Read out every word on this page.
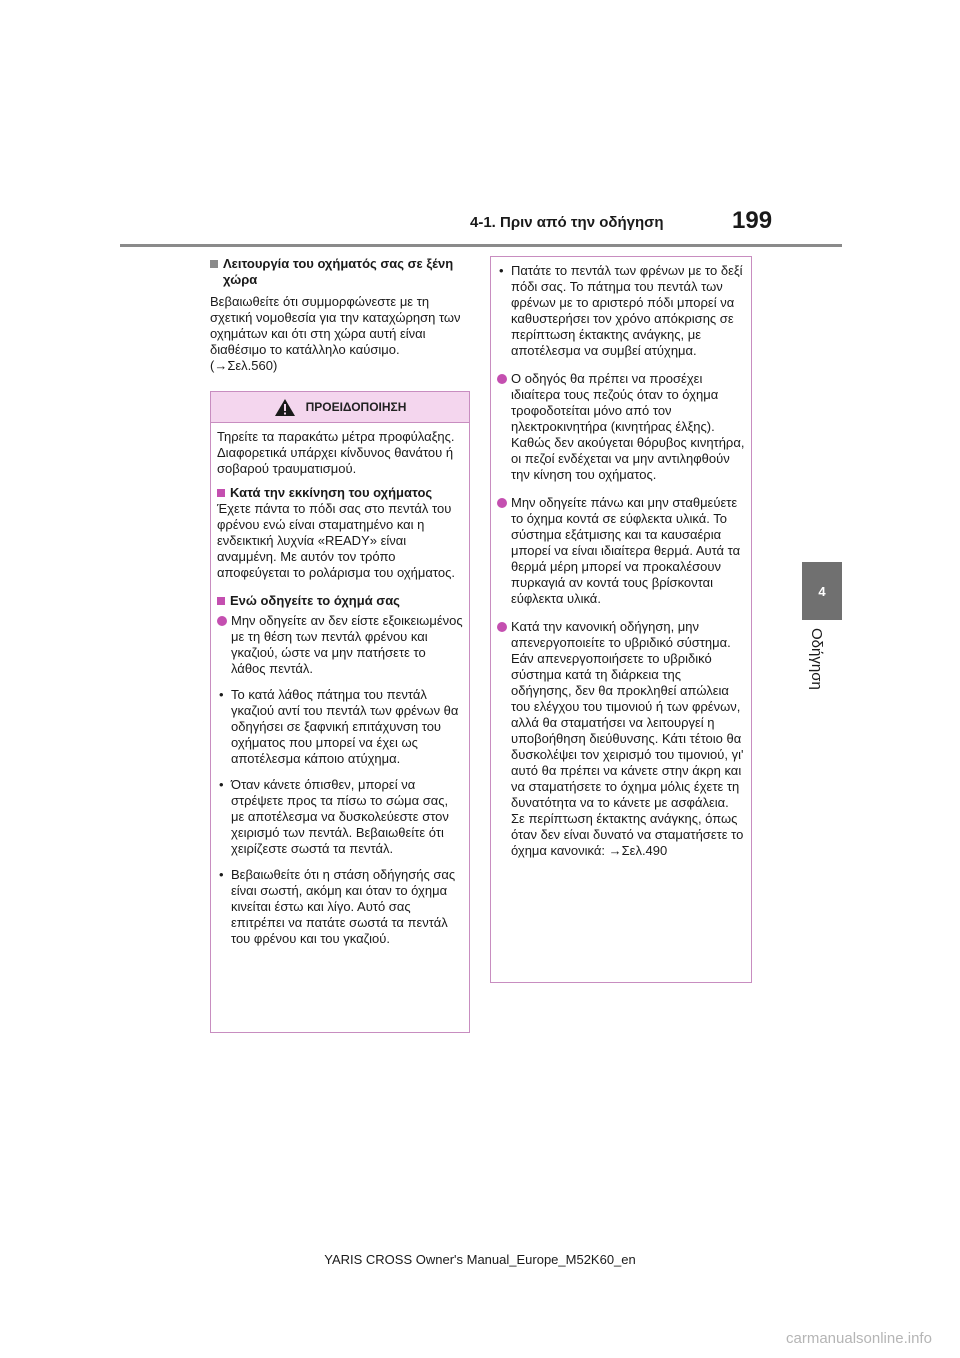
4-1. Πριν από την οδήγηση	199
4
Οδήγηση
Λειτουργία του οχήματός σας σε ξένη χώρα
Βεβαιωθείτε ότι συμμορφώνεστε με τη σχετική νομοθεσία για την καταχώρηση των οχημάτων και ότι στη χώρα αυτή είναι διαθέσιμο το κατάλληλο καύσιμο. (→Σελ.560)
ΠΡΟΕΙΔΟΠΟΙΗΣΗ
Τηρείτε τα παρακάτω μέτρα προφύλαξης. Διαφορετικά υπάρχει κίνδυνος θανάτου ή σοβαρού τραυματισμού.
Κατά την εκκίνηση του οχήματος
Έχετε πάντα το πόδι σας στο πεντάλ του φρένου ενώ είναι σταματημένο και η ενδεικτική λυχνία «READY» είναι αναμμένη. Με αυτόν τον τρόπο αποφεύγεται το ρολάρισμα του οχήματος.
Ενώ οδηγείτε το όχημά σας
Μην οδηγείτε αν δεν είστε εξοικειωμένος με τη θέση των πεντάλ φρένου και γκαζιού, ώστε να μην πατήσετε το λάθος πεντάλ.
• Το κατά λάθος πάτημα του πεντάλ γκαζιού αντί του πεντάλ των φρένων θα οδηγήσει σε ξαφνική επιτάχυνση του οχήματος που μπορεί να έχει ως αποτέλεσμα κάποιο ατύχημα.
• Όταν κάνετε όπισθεν, μπορεί να στρέψετε προς τα πίσω το σώμα σας, με αποτέλεσμα να δυσκολεύεστε στον χειρισμό των πεντάλ. Βεβαιωθείτε ότι χειρίζεστε σωστά τα πεντάλ.
• Βεβαιωθείτε ότι η στάση οδήγησής σας είναι σωστή, ακόμη και όταν το όχημα κινείται έστω και λίγο. Αυτό σας επιτρέπει να πατάτε σωστά τα πεντάλ του φρένου και του γκαζιού.
• Πατάτε το πεντάλ των φρένων με το δεξί πόδι σας. Το πάτημα του πεντάλ των φρένων με το αριστερό πόδι μπορεί να καθυστερήσει τον χρόνο απόκρισης σε περίπτωση έκτακτης ανάγκης, με αποτέλεσμα να συμβεί ατύχημα.
Ο οδηγός θα πρέπει να προσέχει ιδιαίτερα τους πεζούς όταν το όχημα τροφοδοτείται μόνο από τον ηλεκτροκινητήρα (κινητήρας έλξης). Καθώς δεν ακούγεται θόρυβος κινητήρα, οι πεζοί ενδέχεται να μην αντιληφθούν την κίνηση του οχήματος.
Μην οδηγείτε πάνω και μην σταθμεύετε το όχημα κοντά σε εύφλεκτα υλικά. Το σύστημα εξάτμισης και τα καυσαέρια μπορεί να είναι ιδιαίτερα θερμά. Αυτά τα θερμά μέρη μπορεί να προκαλέσουν πυρκαγιά αν κοντά τους βρίσκονται εύφλεκτα υλικά.
Κατά την κανονική οδήγηση, μην απενεργοποιείτε το υβριδικό σύστημα. Εάν απενεργοποιήσετε το υβριδικό σύστημα κατά τη διάρκεια της οδήγησης, δεν θα προκληθεί απώλεια του ελέγχου του τιμονιού ή των φρένων, αλλά θα σταματήσει να λειτουργεί η υποβοήθηση διεύθυνσης. Κάτι τέτοιο θα δυσκολέψει τον χειρισμό του τιμονιού, γι' αυτό θα πρέπει να κάνετε στην άκρη και να σταματήσετε το όχημα μόλις έχετε τη δυνατότητα να το κάνετε με ασφάλεια. Σε περίπτωση έκτακτης ανάγκης, όπως όταν δεν είναι δυνατό να σταματήσετε το όχημα κανονικά: →Σελ.490
YARIS CROSS Owner's Manual_Europe_M52K60_en
carmanualsonline.info
